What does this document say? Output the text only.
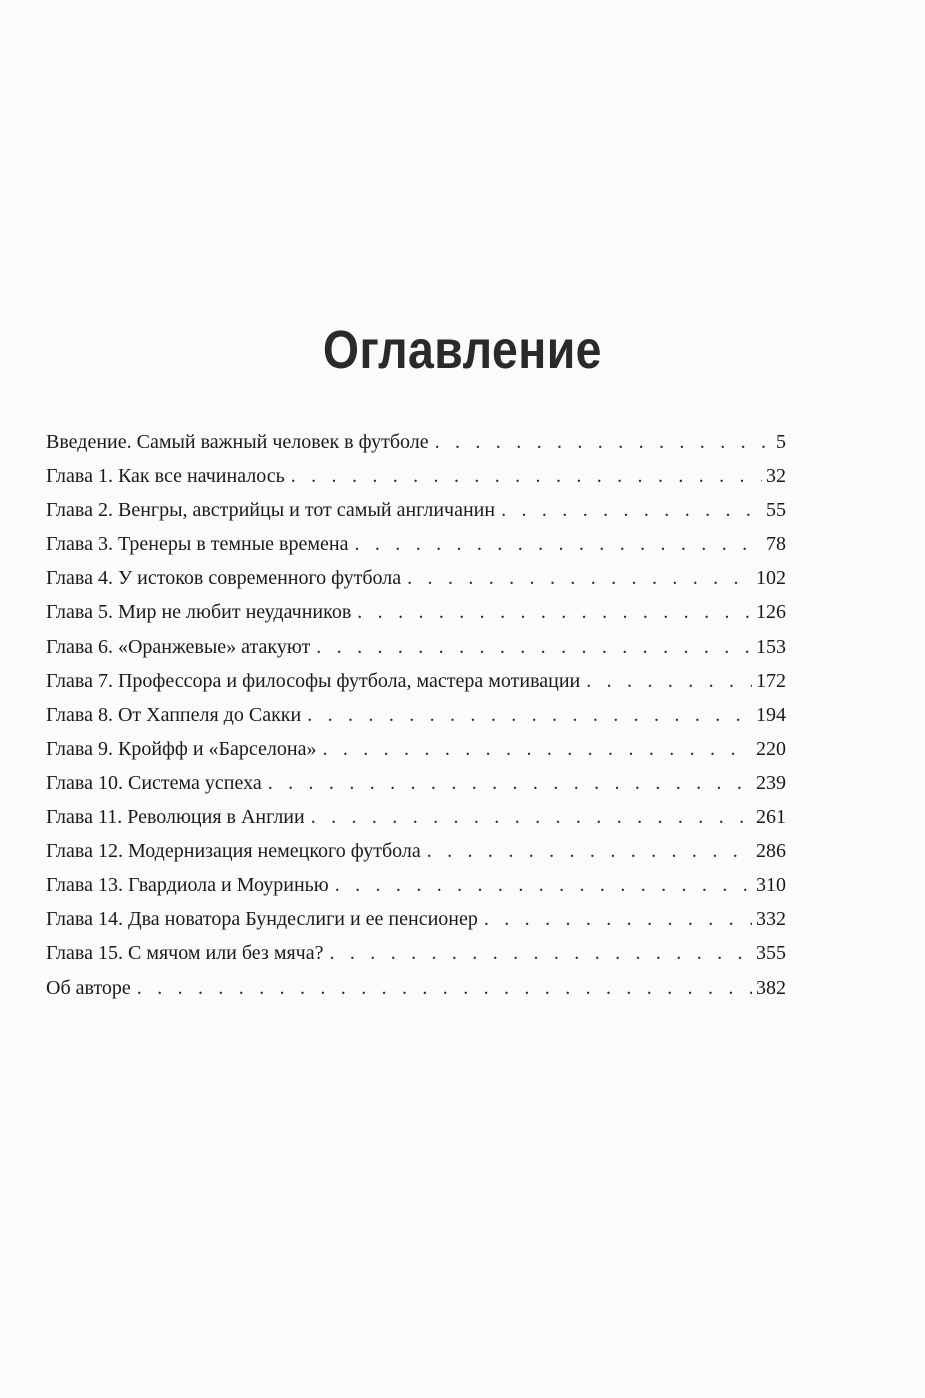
Оглавление
Введение. Самый важный человек в футболе . . .	5
Глава 1. Как все начиналось . . .	32
Глава 2. Венгры, австрийцы и тот самый англичанин . . .	55
Глава 3. Тренеры в темные времена . . .	78
Глава 4. У истоков современного футбола . . .	102
Глава 5. Мир не любит неудачников . . .	126
Глава 6. «Оранжевые» атакуют . . .	153
Глава 7. Профессора и философы футбола, мастера мотивации . . .	172
Глава 8. От Хаппеля до Сакки . . .	194
Глава 9. Кройфф и «Барселона» . . .	220
Глава 10. Система успеха . . .	239
Глава 11. Революция в Англии . . .	261
Глава 12. Модернизация немецкого футбола . . .	286
Глава 13. Гвардиола и Моуринью . . .	310
Глава 14. Два новатора Бундеслиги и ее пенсионер . . .	332
Глава 15. С мячом или без мяча? . . .	355
Об авторе . . .	382
